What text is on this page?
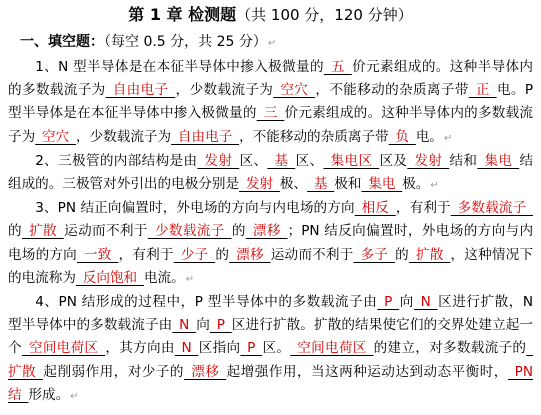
第 1 章 检测题（共 100 分，120 分钟）
一、填空题：（每空 0.5 分，共 25 分）↵

1、N 型半导体是在本征半导体中掺入极微量的 五 价元素组成的。这种半导体内的多数载流子为 自由电子 ，少数载流子为 空穴 ，不能移动的杂质离子带 正 电。P 型半导体是在本征半导体中掺入极微量的 三 价元素组成的。这种半导体内的多数载流子为 空穴 ，少数载流子为 自由电子 ，不能移动的杂质离子带 负 电。↵

2、三极管的内部结构是由 发射 区、 基 区、 集电区 区及 发射 结和 集电 结组成的。三极管对外引出的电极分别是 发射 极、 基 极和 集电 极。↵

3、PN 结正向偏置时，外电场的方向与内电场的方向 相反 ，有利于 多数载流子 的 扩散 运动而不利于 少数载流子 的 漂移 ；PN 结反向偏置时，外电场的方向与内电场的方向 一致 ，有利于 少子 的 漂移 运动而不利于 多子 的 扩散 ，这种情况下的电流称为 反向饱和 电流。↵

4、PN 结形成的过程中，P 型半导体中的多数载流子由 P 向 N 区进行扩散，N 型半导体中的多数载流子由 N 向 P 区进行扩散。扩散的结果使它们的交界处建立起一个 空间电荷区 ，其方向由 N 区指向 P 区。 空间电荷区 的建立，对多数载流子的 扩散 起削弱作用，对少子的 漂移 起增强作用，当这两种运动达到动态平衡时， PN 结 形成。↵
